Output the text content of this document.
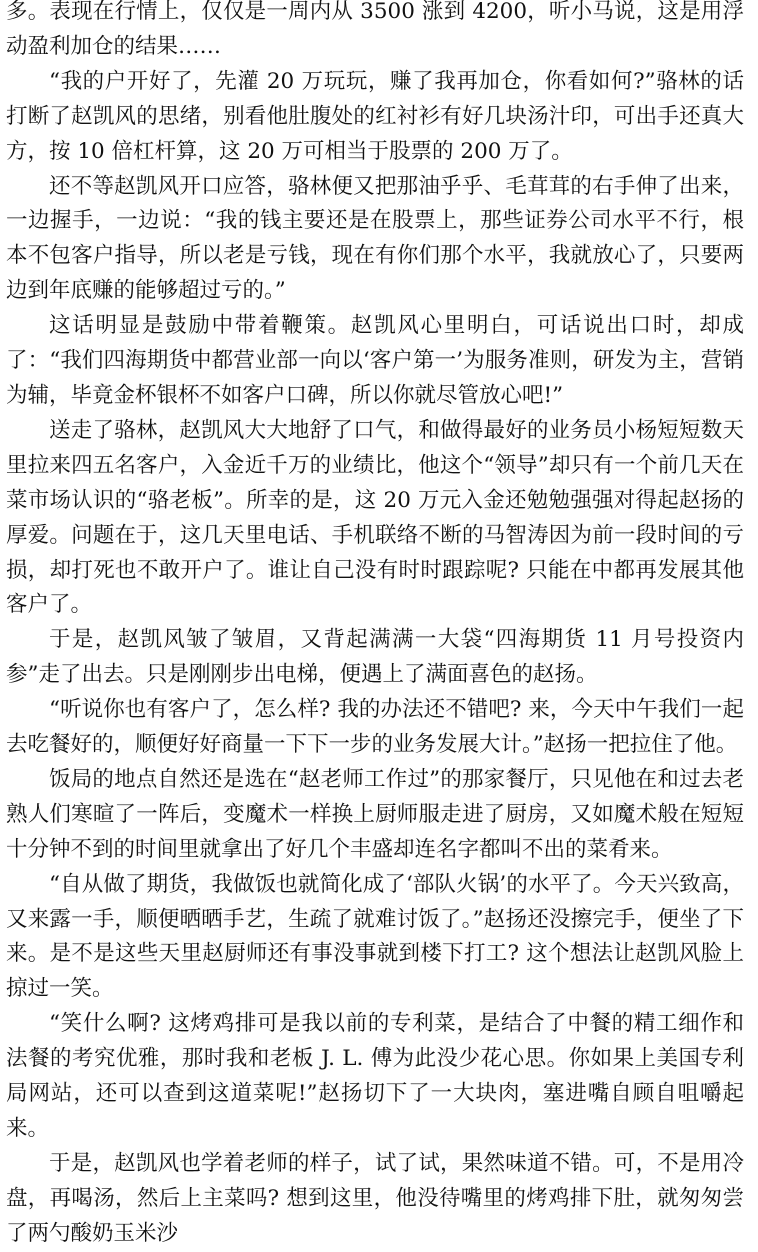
多。表现在行情上，仅仅是一周内从 3500 涨到 4200，听小马说，这是用浮动盈利加仓的结果……

“我的户开好了，先灌 20 万玩玩，赚了我再加仓，你看如何?”骆林的话打断了赵凯风的思绪，别看他肚腹处的红衬衫有好几块汤汁印，可出手还真大方，按 10 倍杠杆算，这 20 万可相当于股票的 200 万了。

还不等赵凯风开口应答，骆林便又把那油乎乎、毛茸茸的右手伸了出来，一边握手，一边说：“我的钱主要还是在股票上，那些证券公司水平不行，根本不包客户指导，所以老是亏钱，现在有你们那个水平，我就放心了，只要两边到年底赚的能够超过亏的。”

这话明显是鼓励中带着鞭策。赵凯风心里明白，可话说出口时，却成了：“我们四海期货中都营业部一向以‘客户第一’为服务准则，研发为主，营销为辅，毕竟金杯银杯不如客户口碑，所以你就尽管放心吧!”

送走了骆林，赵凯风大大地舒了口气，和做得最好的业务员小杨短短数天里拉来四五名客户，入金近千万的业绩比，他这个“领导”却只有一个前几天在菜市场认识的“骆老板”。所幸的是，这 20 万元入金还勉勉强强对得起赵扬的厚爱。问题在于，这几天里电话、手机联络不断的马智涛因为前一段时间的亏损，却打死也不敢开户了。谁让自己没有时时跟踪呢? 只能在中都再发展其他客户了。

于是，赵凯风皱了皱眉，又背起满满一大袋“四海期货 11 月号投资内参”走了出去。只是刚刚步出电梯，便遇上了满面喜色的赵扬。

“听说你也有客户了，怎么样? 我的办法还不错吧? 来，今天中午我们一起去吃餐好的，顺便好好商量一下下一步的业务发展大计。”赵扬一把拉住了他。

饭局的地点自然还是选在“赵老师工作过”的那家餐厅，只见他在和过去老熟人们寒暄了一阵后，变魔术一样换上厨师服走进了厨房，又如魔术般在短短十分钟不到的时间里就拿出了好几个丰盛却连名字都叫不出的菜肴来。

“自从做了期货，我做饭也就简化成了‘部队火锅’的水平了。今天兴致高，又来露一手，顺便晒晒手艺，生疏了就难讨饭了。”赵扬还没擦完手，便坐了下来。是不是这些天里赵厨师还有事没事就到楼下打工? 这个想法让赵凯风脸上掠过一笑。

“笑什么啊? 这烤鸡排可是我以前的专利菜，是结合了中餐的精工细作和法餐的考究优雅，那时我和老板 J. L. 傅为此没少花心思。你如果上美国专利局网站，还可以查到这道菜呢!”赵扬切下了一大块肉，塞进嘴自顾自咀嚼起来。

于是，赵凯风也学着老师的样子，试了试，果然味道不错。可，不是用冷盘，再喝汤，然后上主菜吗? 想到这里，他没待嘴里的烤鸡排下肚，就匆匆尝了两勺酸奶玉米沙
